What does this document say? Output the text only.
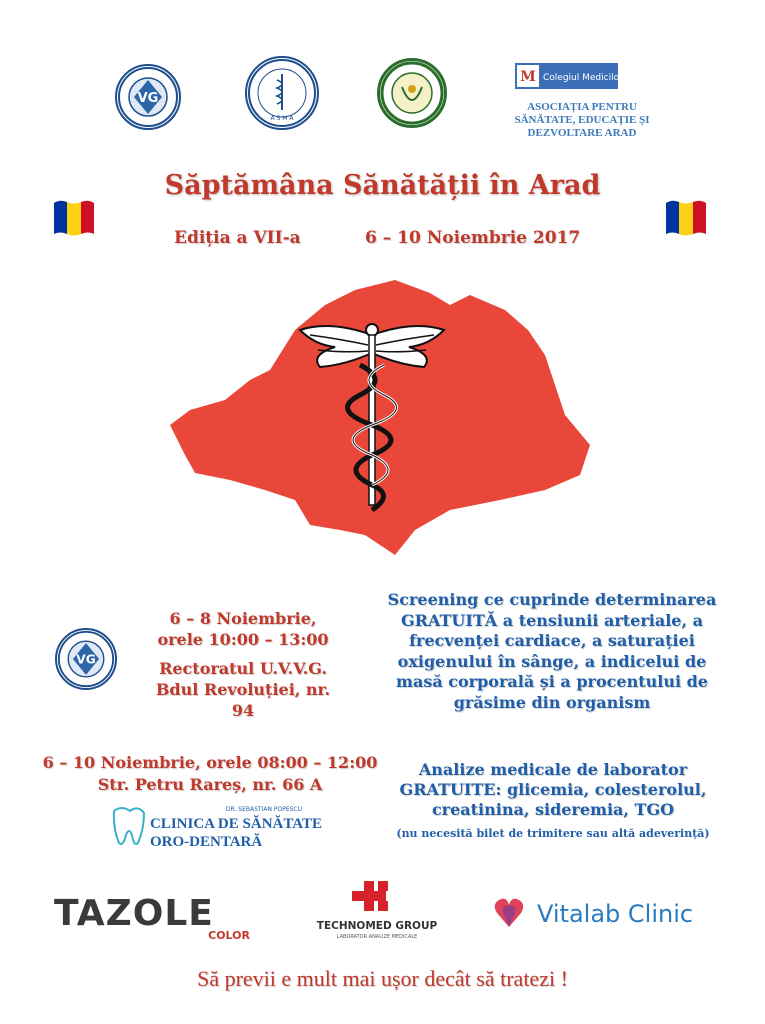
VG
A S M A
M Colegiul Medicilor Arad
ASOCIAȚIA PENTRU SĂNĂTATE, EDUCAȚIE ȘI DEZVOLTARE ARAD
Săptămâna Sănătății în Arad
Ediția a VII-a	6 – 10 Noiembrie 2017
6 – 8 Noiembrie,
orele 10:00 – 13:00
Rectoratul U.V.V.G.
Bdul Revoluției, nr. 94
VG
6 – 10 Noiembrie, orele 08:00 – 12:00
Str. Petru Rareș, nr. 66 A
DR. SEBASTIAN POPESCU
CLINICA DE SĂNĂTATE
ORO-DENTARĂ
Screening ce cuprinde determinarea
GRATUITĂ a tensiunii arteriale, a
frecvenței cardiace, a saturației
oxigenului în sânge, a indicelui de
masă corporală și a procentului de
grăsime din organism
Analize medicale de laborator
GRATUITE: glicemia, colesterolul,
creatinina, sideremia, TGO
(nu necesită bilet de trimitere sau altă adeverință)
TAZOLE
COLOR
TECHNOMED GROUP
LABORATOR ANALIZE MEDICALE
Vitalab Clinic
Să previi e mult mai ușor decât să tratezi !
